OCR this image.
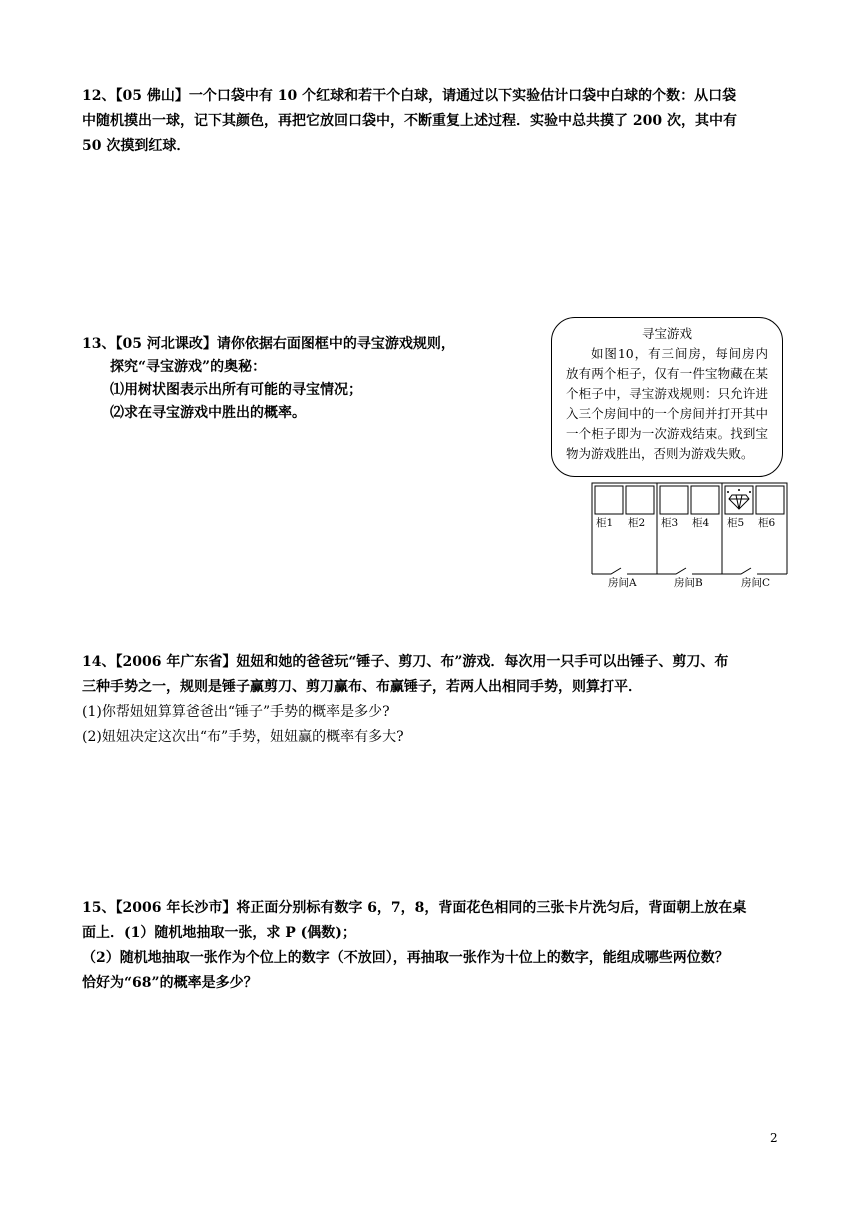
12、【05 佛山】一个口袋中有 10 个红球和若干个白球，请通过以下实验估计口袋中白球的个数：从口袋
中随机摸出一球，记下其颜色，再把它放回口袋中，不断重复上述过程．实验中总共摸了 200 次，其中有
50 次摸到红球．
13、【05 河北课改】请你依据右面图框中的寻宝游戏规则，
探究“寻宝游戏”的奥秘：
⑴用树状图表示出所有可能的寻宝情况；
⑵求在寻宝游戏中胜出的概率。
寻宝游戏
如图10，有三间房，每间房内放有两个柜子，仅有一件宝物藏在某个柜子中，寻宝游戏规则：只允许进入三个房间中的一个房间并打开其中一个柜子即为一次游戏结束。找到宝物为游戏胜出，否则为游戏失败。
柜1 柜2 柜3 柜4 柜5 柜6
房间A	房间B	房间C
14、【2006 年广东省】妞妞和她的爸爸玩“锤子、剪刀、布”游戏．每次用一只手可以出锤子、剪刀、布
三种手势之一，规则是锤子赢剪刀、剪刀赢布、布赢锤子，若两人出相同手势，则算打平．
(1)你帮妞妞算算爸爸出“锤子”手势的概率是多少?
(2)妞妞决定这次出“布”手势，妞妞赢的概率有多大?
15、【2006 年长沙市】将正面分别标有数字 6，7，8，背面花色相同的三张卡片洗匀后，背面朝上放在桌
面上．(1）随机地抽取一张，求 P (偶数)；
（2）随机地抽取一张作为个位上的数字（不放回），再抽取一张作为十位上的数字，能组成哪些两位数？
恰好为“68”的概率是多少？
2
